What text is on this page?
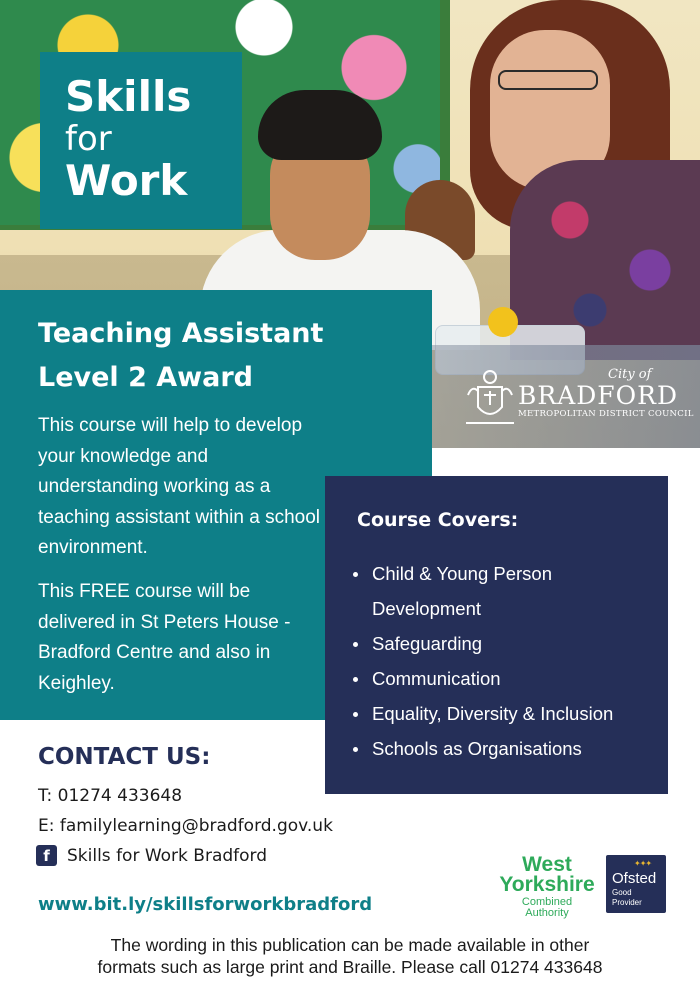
Skills
for
Work
City of
BRADFORD
METROPOLITAN DISTRICT COUNCIL
Teaching Assistant
Level 2 Award

This course will help to develop your knowledge and understanding working as a teaching assistant within a school environment.

This FREE course will be delivered in St Peters House - Bradford Centre and also in Keighley.

Course Covers:
Child & Young Person Development
Safeguarding
Communication
Equality, Diversity & Inclusion
Schools as Organisations
CONTACT US:
T: 01274 433648
E: familylearning@bradford.gov.uk
f	Skills for Work Bradford
www.bit.ly/skillsforworkbradford
West
Yorkshire
Combined
Authority
✦✦✦
Ofsted
Good
Provider
The wording in this publication can be made available in other
formats such as large print and Braille. Please call 01274 433648
